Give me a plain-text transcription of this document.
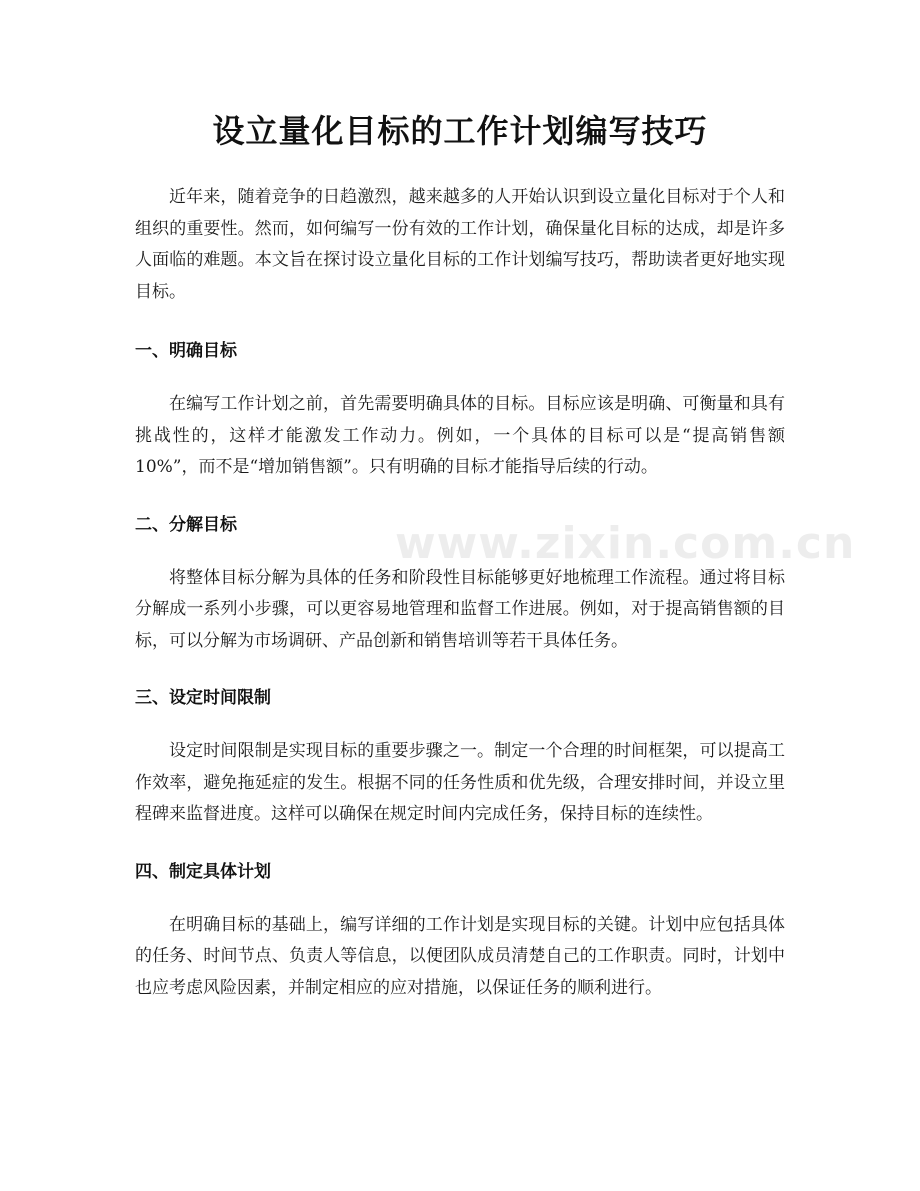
设立量化目标的工作计划编写技巧

近年来，随着竞争的日趋激烈，越来越多的人开始认识到设立量化目标对于个人和组织的重要性。然而，如何编写一份有效的工作计划，确保量化目标的达成，却是许多人面临的难题。本文旨在探讨设立量化目标的工作计划编写技巧，帮助读者更好地实现目标。

一、明确目标

在编写工作计划之前，首先需要明确具体的目标。目标应该是明确、可衡量和具有挑战性的，这样才能激发工作动力。例如，一个具体的目标可以是“提高销售额 10%”，而不是“增加销售额”。只有明确的目标才能指导后续的行动。

二、分解目标

将整体目标分解为具体的任务和阶段性目标能够更好地梳理工作流程。通过将目标分解成一系列小步骤，可以更容易地管理和监督工作进展。例如，对于提高销售额的目标，可以分解为市场调研、产品创新和销售培训等若干具体任务。

三、设定时间限制

设定时间限制是实现目标的重要步骤之一。制定一个合理的时间框架，可以提高工作效率，避免拖延症的发生。根据不同的任务性质和优先级，合理安排时间，并设立里程碑来监督进度。这样可以确保在规定时间内完成任务，保持目标的连续性。

四、制定具体计划

在明确目标的基础上，编写详细的工作计划是实现目标的关键。计划中应包括具体的任务、时间节点、负责人等信息，以便团队成员清楚自己的工作职责。同时，计划中也应考虑风险因素，并制定相应的应对措施，以保证任务的顺利进行。

www.zixin.com.cn
